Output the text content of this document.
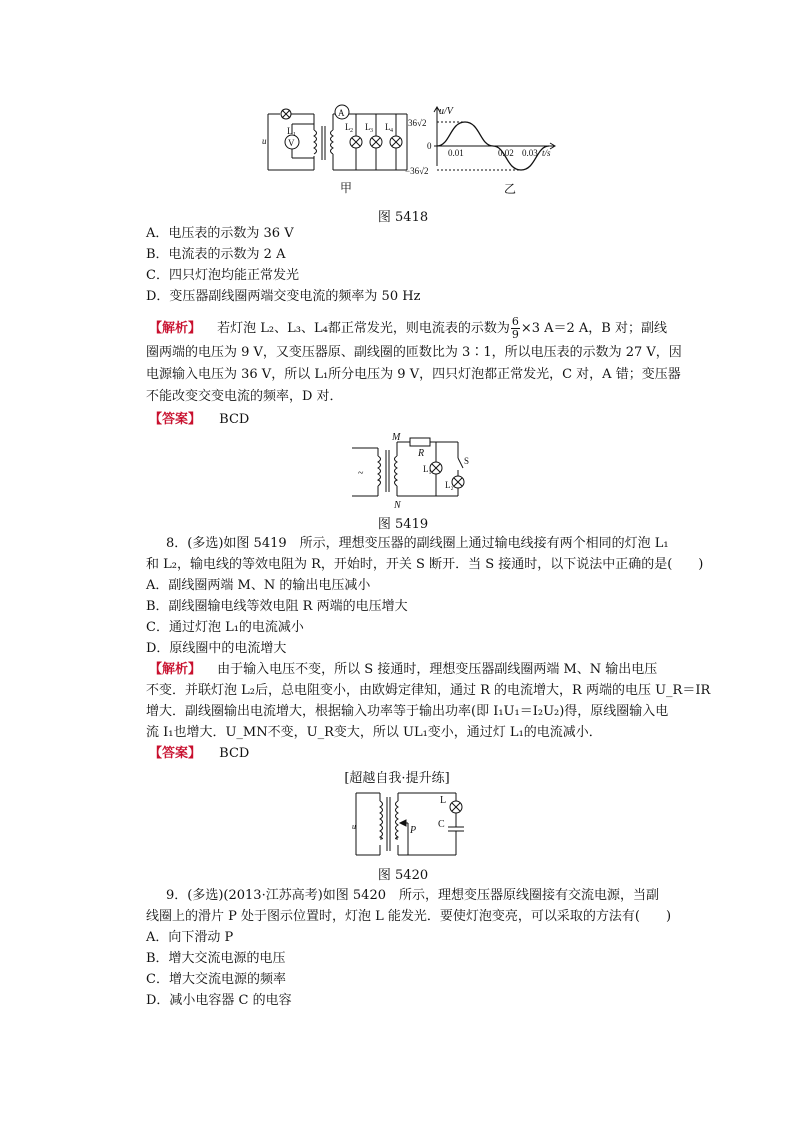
L 1
V
A
L 2 L 3 L 4
u
u/V
36√2
0
−36√2
0.01	0.02 0.03 t/s
甲	乙
图 5418
A．电压表的示数为 36 V
B．电流表的示数为 2 A
C．四只灯泡均能正常发光
D．变压器副线圈两端交变电流的频率为 50 Hz
【解析】 若灯泡 L₂、L₃、L₄都正常发光，则电流表的示数为 $\frac{6}{9} \times 3$ A＝2 A，B 对；副线
圈两端的电压为 9 V，又变压器原、副线圈的匝数比为 3∶1，所以电压表的示数为 27 V，因
电源输入电压为 36 V，所以 L₁所分电压为 9 V，四只灯泡都正常发光，C 对，A 错；变压器
不能改变交变电流的频率，D 对．
【答案】 BCD
~
M
N
R
L₁
L₂
S
图 5419
8．(多选)如图 5419　所示，理想变压器的副线圈上通过输电线接有两个相同的灯泡 L₁
和 L₂，输电线的等效电阻为 R，开始时，开关 S 断开．当 S 接通时，以下说法中正确的是(　　)
A．副线圈两端 M、N 的输出电压减小
B．副线圈输电线等效电阻 R 两端的电压增大
C．通过灯泡 L₁的电流减小
D．原线圈中的电流增大
【解析】 由于输入电压不变，所以 S 接通时，理想变压器副线圈两端 M、N 输出电压
不变．并联灯泡 L₂后，总电阻变小，由欧姆定律知，通过 R 的电流增大，R 两端的电压 U_R＝IR
增大．副线圈输出电流增大，根据输入功率等于输出功率(即 I₁U₁＝I₂U₂)得，原线圈输入电
流 I₁也增大．U_MN不变，U_R变大，所以 UL₁变小，通过灯 L₁的电流减小．
【答案】 BCD
[超越自我·提升练]
u
L
C
P
图 5420
9．(多选)(2013·江苏高考)如图 5420　所示，理想变压器原线圈接有交流电源，当副
线圈上的滑片 P 处于图示位置时，灯泡 L 能发光．要使灯泡变亮，可以采取的方法有(　　)
A．向下滑动 P
B．增大交流电源的电压
C．增大交流电源的频率
D．减小电容器 C 的电容
